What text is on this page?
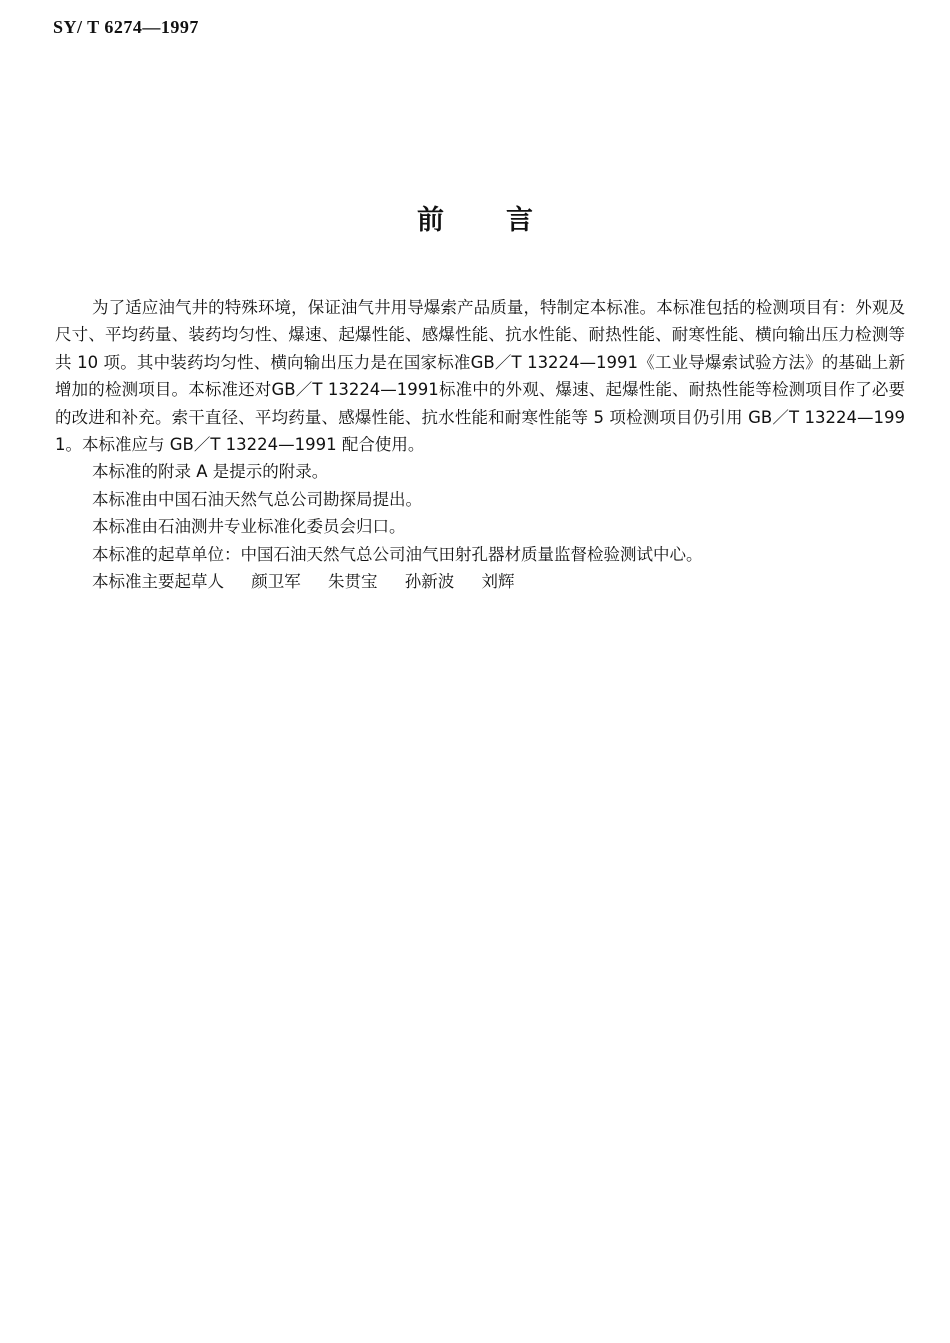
SY/ T 6274—1997
前 言

为了适应油气井的特殊环境，保证油气井用导爆索产品质量，特制定本标准。本标准包括的检测项目有：外观及尺寸、平均药量、装药均匀性、爆速、起爆性能、感爆性能、抗水性能、耐热性能、耐寒性能、横向输出压力检测等共 10 项。其中装药均匀性、横向输出压力是在国家标准GB／T 13224—1991《工业导爆索试验方法》的基础上新增加的检测项目。本标准还对GB／T 13224—1991标准中的外观、爆速、起爆性能、耐热性能等检测项目作了必要的改进和补充。索干直径、平均药量、感爆性能、抗水性能和耐寒性能等 5 项检测项目仍引用 GB／T 13224—1991。本标准应与 GB／T 13224—1991 配合使用。

本标准的附录 A 是提示的附录。

本标准由中国石油天然气总公司勘探局提出。

本标准由石油测井专业标准化委员会归口。

本标准的起草单位：中国石油天然气总公司油气田射孔器材质量监督检验测试中心。

本标准主要起草人 颜卫军 朱贯宝 孙新波 刘辉
